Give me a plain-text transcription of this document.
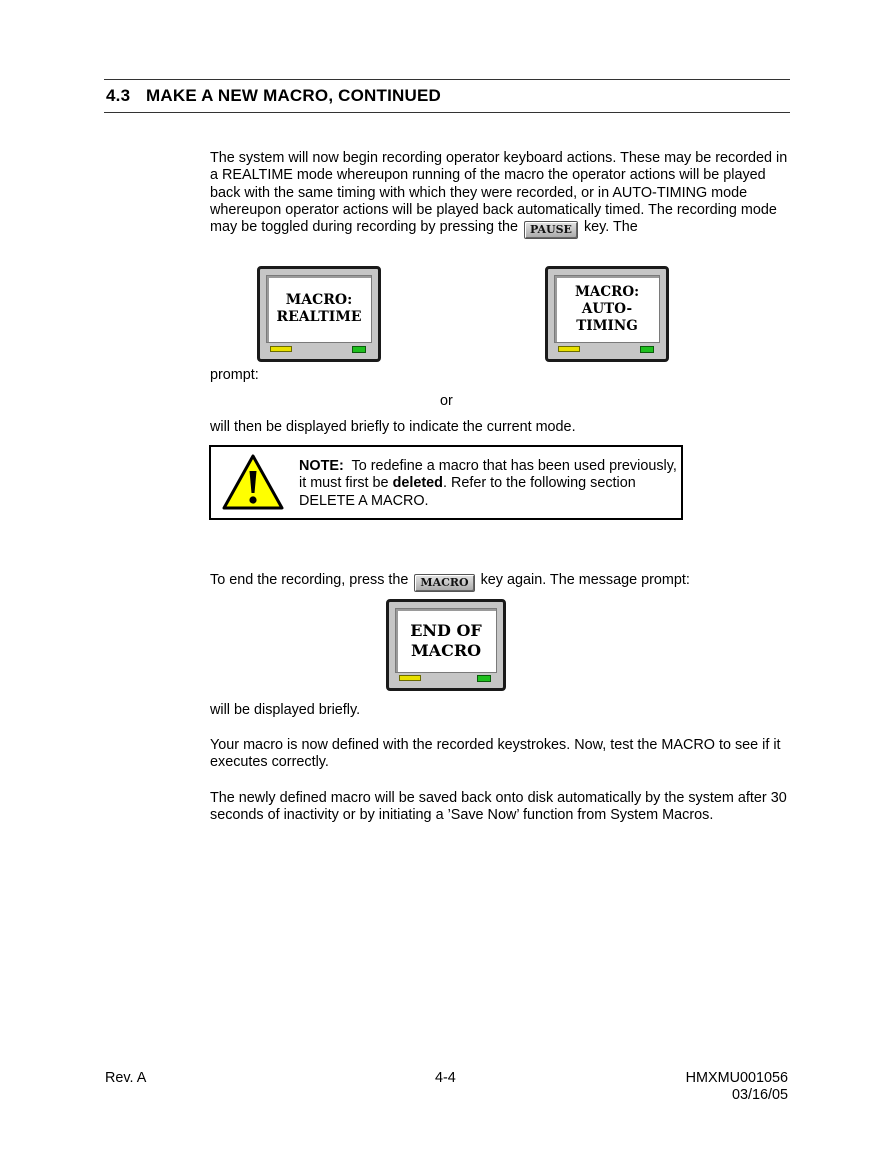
4.3 MAKE A NEW MACRO, CONTINUED

The system will now begin recording operator keyboard actions. These may be recorded in a REALTIME mode whereupon running of the macro the operator actions will be played back with the same timing with which they were recorded, or in AUTO-TIMING mode whereupon operator actions will be played back automatically timed. The recording mode may be toggled during recording by pressing the PAUSE key. The

MACRO:
REALTIME
MACRO:
AUTO-
TIMING

prompt:

or

will then be displayed briefly to indicate the current mode.

NOTE: To redefine a macro that has been used previously, it must first be deleted. Refer to the following section DELETE A MACRO.

To end the recording, press the MACRO key again. The message prompt:

END OF
MACRO

will be displayed briefly.

Your macro is now defined with the recorded keystrokes. Now, test the MACRO to see if it executes correctly.

The newly defined macro will be saved back onto disk automatically by the system after 30 seconds of inactivity or by initiating a ’Save Now’ function from System Macros.

Rev. A	4-4	HMXMU001056
03/16/05
